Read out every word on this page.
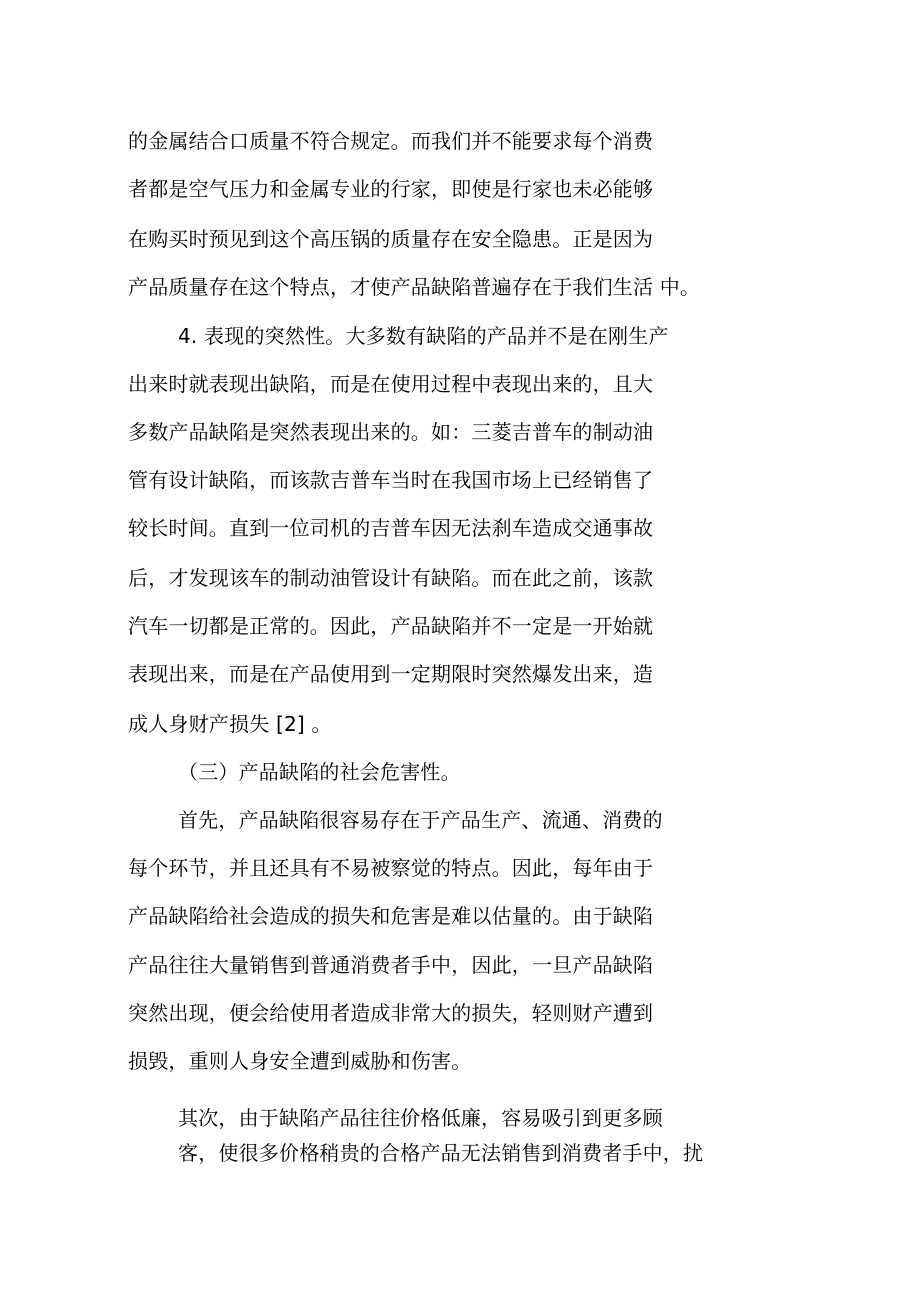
的金属结合口质量不符合规定。而我们并不能要求每个消费

者都是空气压力和金属专业的行家，即使是行家也未必能够

在购买时预见到这个高压锅的质量存在安全隐患。正是因为

产品质量存在这个特点，才使产品缺陷普遍存在于我们生活 中。

4. 表现的突然性。大多数有缺陷的产品并不是在刚生产

出来时就表现出缺陷，而是在使用过程中表现出来的，且大

多数产品缺陷是突然表现出来的。如：三菱吉普车的制动油

管有设计缺陷，而该款吉普车当时在我国市场上已经销售了

较长时间。直到一位司机的吉普车因无法刹车造成交通事故

后，才发现该车的制动油管设计有缺陷。而在此之前，该款

汽车一切都是正常的。因此，产品缺陷并不一定是一开始就

表现出来，而是在产品使用到一定期限时突然爆发出来，造

成人身财产损失 [2] 。

（三）产品缺陷的社会危害性。

首先，产品缺陷很容易存在于产品生产、流通、消费的

每个环节，并且还具有不易被察觉的特点。因此，每年由于

产品缺陷给社会造成的损失和危害是难以估量的。由于缺陷

产品往往大量销售到普通消费者手中，因此，一旦产品缺陷

突然出现，便会给使用者造成非常大的损失，轻则财产遭到

损毁，重则人身安全遭到威胁和伤害。

其次，由于缺陷产品往往价格低廉，容易吸引到更多顾

客，使很多价格稍贵的合格产品无法销售到消费者手中，扰
